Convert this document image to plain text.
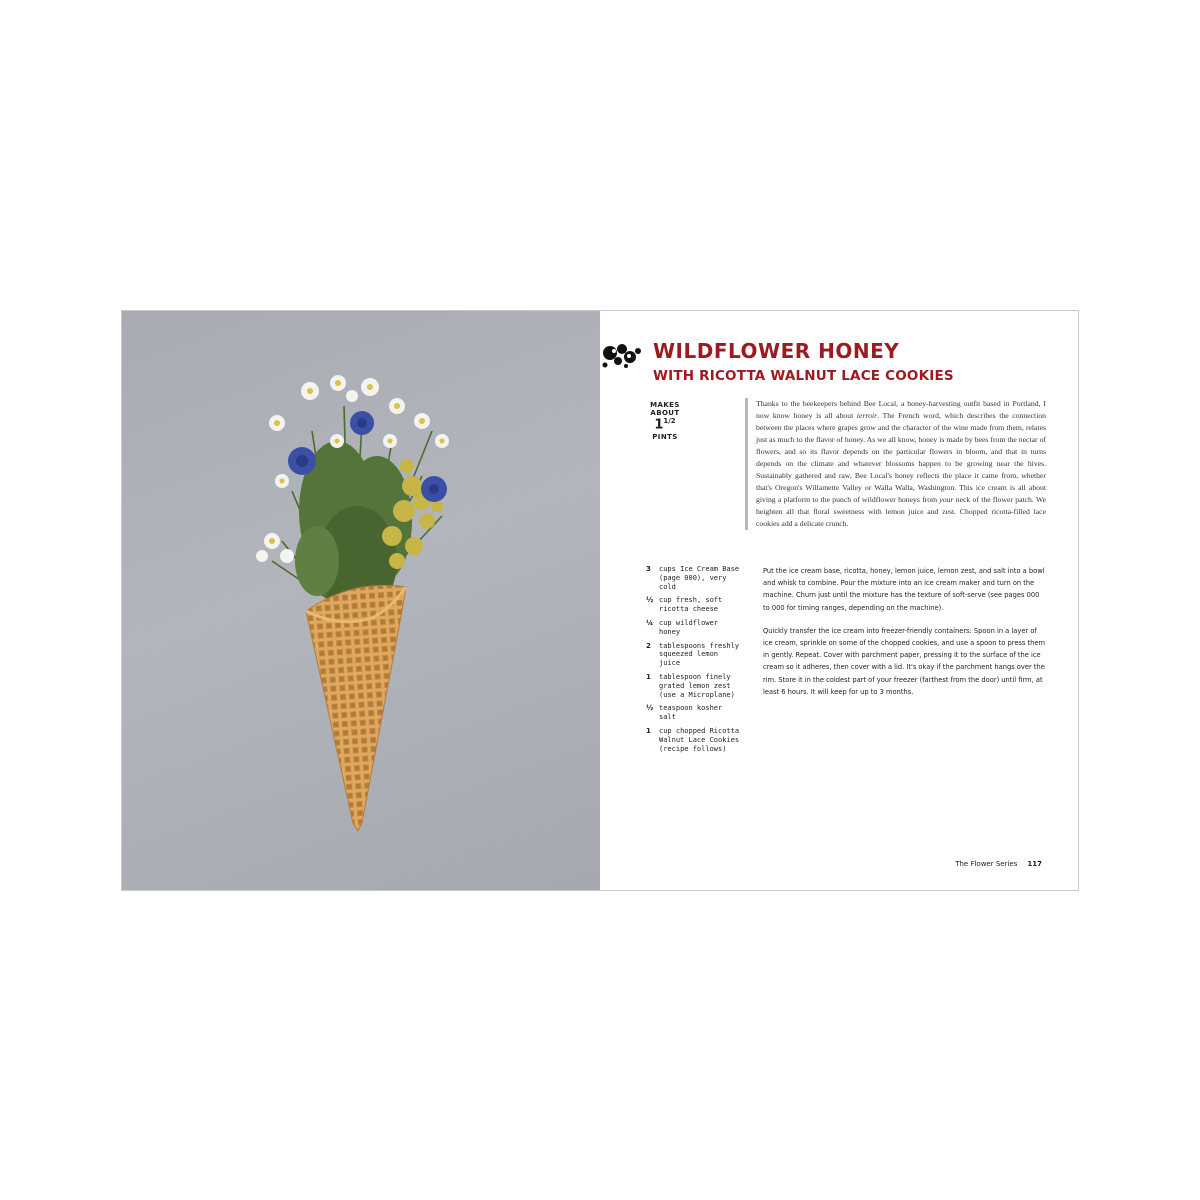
WILDFLOWER HONEY
WITH RICOTTA WALNUT LACE COOKIES
MAKES ABOUT
$1^{1/2}$
PINTS

Thanks to the beekeepers behind Bee Local, a honey-harvesting outfit based in Portland, I now know honey is all about terroir. The French word, which describes the connection between the places where grapes grow and the character of the wine made from them, relates just as much to the flavor of honey. As we all know, honey is made by bees from the nectar of flowers, and so its flavor depends on the particular flowers in bloom, and that in turns depends on the climate and whatever blossoms happen to be growing near the hives. Sustainably gathered and raw, Bee Local's honey reflects the place it came from, whether that's Oregon's Willamette Valley or Walla Walla, Washington. This ice cream is all about giving a platform to the punch of wildflower honeys from your neck of the flower patch. We heighten all that floral sweetness with lemon juice and zest. Chopped ricotta-filled lace cookies add a delicate crunch.

3	cups Ice Cream Base (page 000), very cold
½ cup fresh, soft ricotta cheese
¼ cup wildflower honey
2	tablespoons freshly squeezed lemon juice
1	tablespoon finely grated lemon zest (use a Microplane)
½ teaspoon kosher salt
1	cup chopped Ricotta Walnut Lace Cookies (recipe follows)

Put the ice cream base, ricotta, honey, lemon juice, lemon zest, and salt into a bowl and whisk to combine. Pour the mixture into an ice cream maker and turn on the machine. Churn just until the mixture has the texture of soft-serve (see pages 000 to 000 for timing ranges, depending on the machine).

Quickly transfer the ice cream into freezer-friendly containers: Spoon in a layer of ice cream, sprinkle on some of the chopped cookies, and use a spoon to press them in gently. Repeat. Cover with parchment paper, pressing it to the surface of the ice cream so it adheres, then cover with a lid. It's okay if the parchment hangs over the rim. Store it in the coldest part of your freezer (farthest from the door) until firm, at least 6 hours. It will keep for up to 3 months.

The Flower Series 117
